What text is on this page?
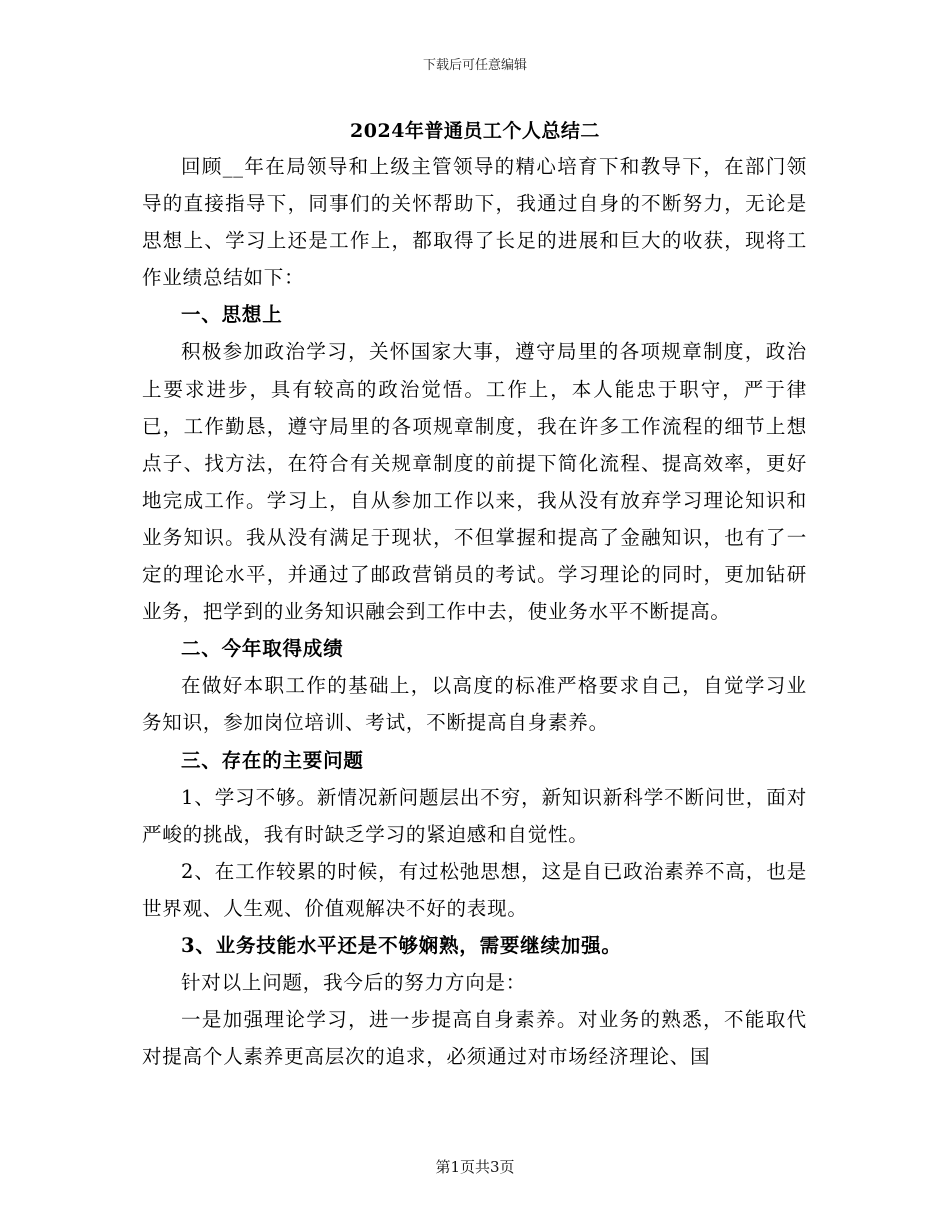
下载后可任意编辑
2024年普通员工个人总结二

回顾__年在局领导和上级主管领导的精心培育下和教导下，在部门领导的直接指导下，同事们的关怀帮助下，我通过自身的不断努力，无论是思想上、学习上还是工作上，都取得了长足的进展和巨大的收获，现将工作业绩总结如下：

一、思想上

积极参加政治学习，关怀国家大事，遵守局里的各项规章制度，政治上要求进步，具有较高的政治觉悟。工作上，本人能忠于职守，严于律已，工作勤恳，遵守局里的各项规章制度，我在许多工作流程的细节上想点子、找方法，在符合有关规章制度的前提下简化流程、提高效率，更好地完成工作。学习上，自从参加工作以来，我从没有放弃学习理论知识和业务知识。我从没有满足于现状，不但掌握和提高了金融知识，也有了一定的理论水平，并通过了邮政营销员的考试。学习理论的同时，更加钻研业务，把学到的业务知识融会到工作中去，使业务水平不断提高。

二、今年取得成绩

在做好本职工作的基础上，以高度的标准严格要求自己，自觉学习业务知识，参加岗位培训、考试，不断提高自身素养。

三、存在的主要问题

1、学习不够。新情况新问题层出不穷，新知识新科学不断问世，面对严峻的挑战，我有时缺乏学习的紧迫感和自觉性。

2、在工作较累的时候，有过松弛思想，这是自已政治素养不高，也是世界观、人生观、价值观解决不好的表现。

3、业务技能水平还是不够娴熟，需要继续加强。

针对以上问题，我今后的努力方向是：

一是加强理论学习，进一步提高自身素养。对业务的熟悉，不能取代对提高个人素养更高层次的追求，必须通过对市场经济理论、国

第1页共3页
